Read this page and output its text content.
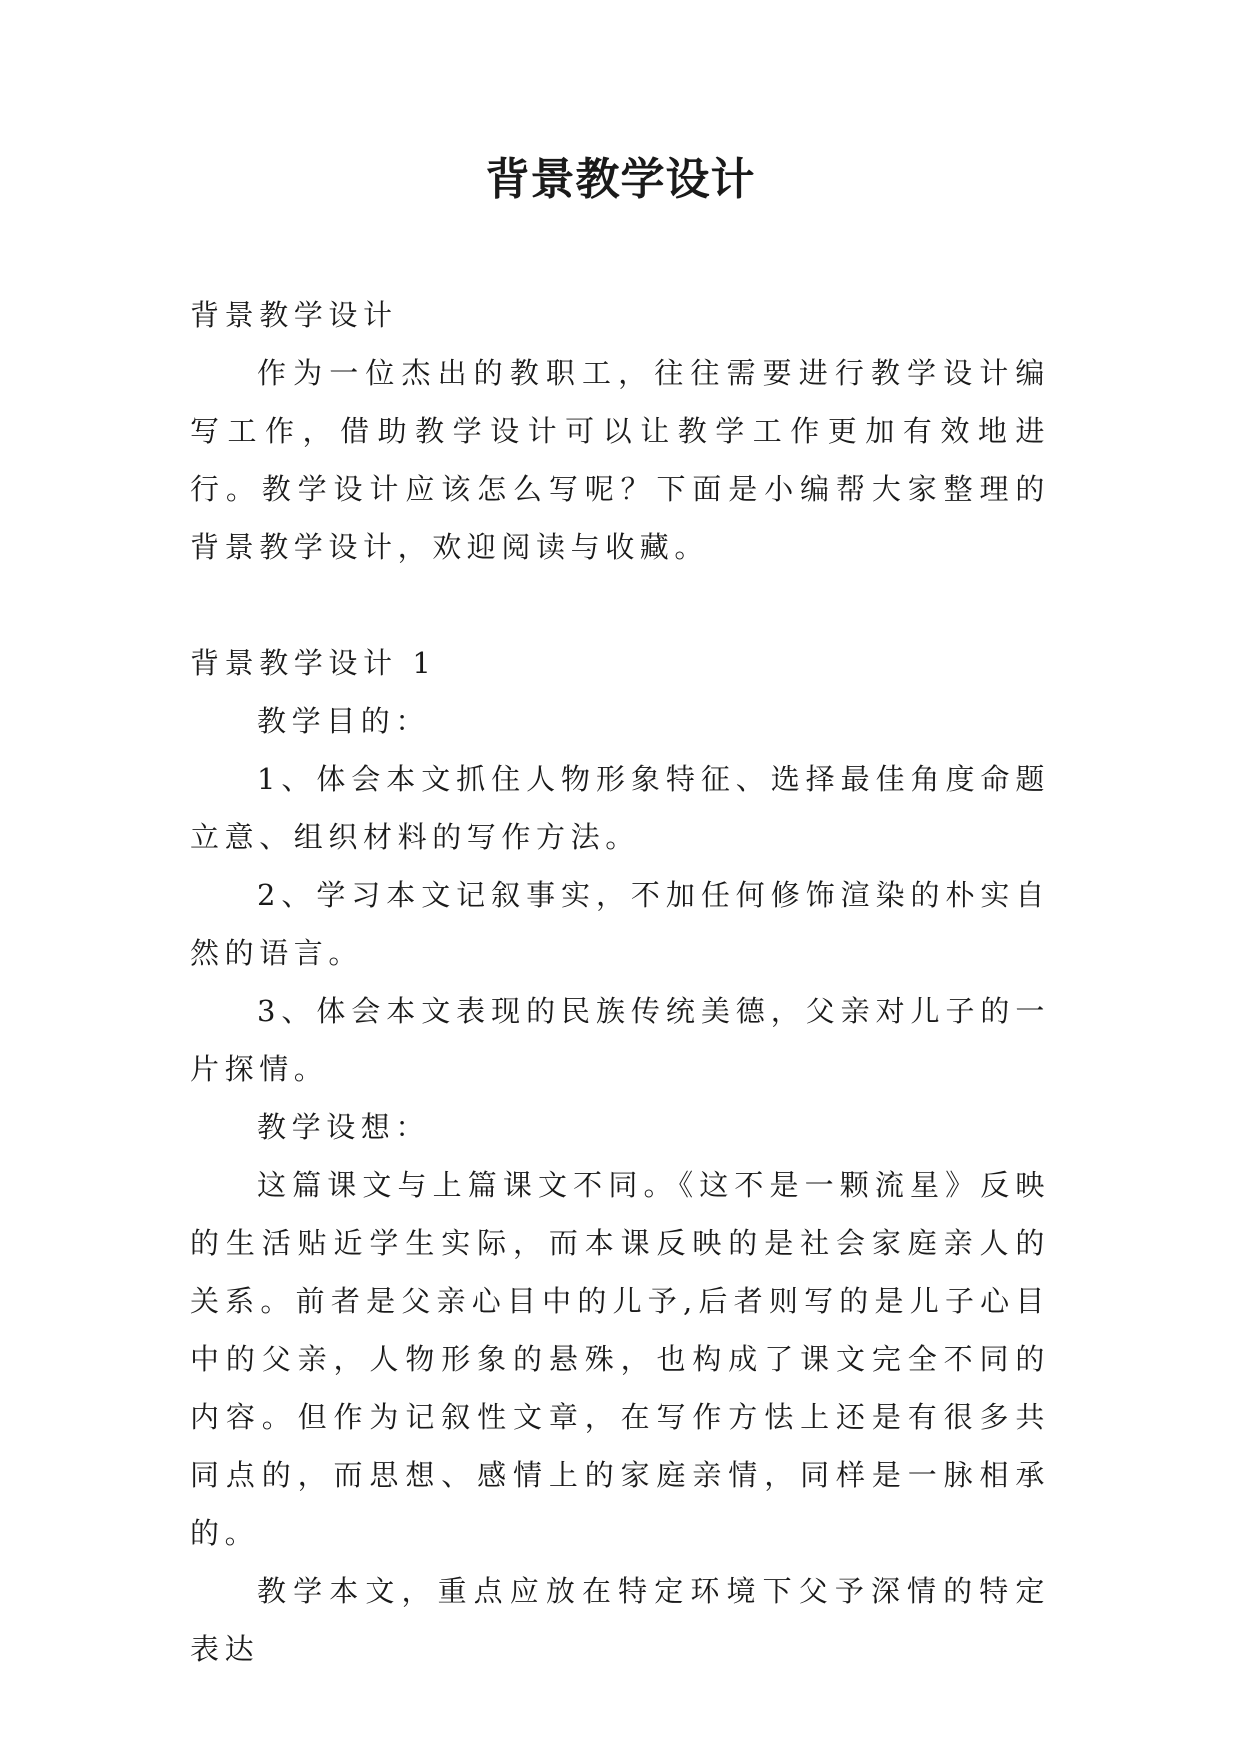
背景教学设计

背景教学设计

作为一位杰出的教职工，往往需要进行教学设计编写工作，借助教学设计可以让教学工作更加有效地进行。教学设计应该怎么写呢？下面是小编帮大家整理的背景教学设计，欢迎阅读与收藏。

背景教学设计 1

教学目的：

1、体会本文抓住人物形象特征、选择最佳角度命题立意、组织材料的写作方法。

2、学习本文记叙事实，不加任何修饰渲染的朴实自然的语言。

3、体会本文表现的民族传统美德，父亲对儿子的一片探情。

教学设想：

这篇课文与上篇课文不同。《这不是一颗流星》反映的生活贴近学生实际，而本课反映的是社会家庭亲人的关系。前者是父亲心目中的儿予,后者则写的是儿子心目中的父亲，人物形象的悬殊，也构成了课文完全不同的内容。但作为记叙性文章，在写作方怯上还是有很多共同点的，而思想、感情上的家庭亲情，同样是一脉相承的。

教学本文，重点应放在特定环境下父予深情的特定表达
